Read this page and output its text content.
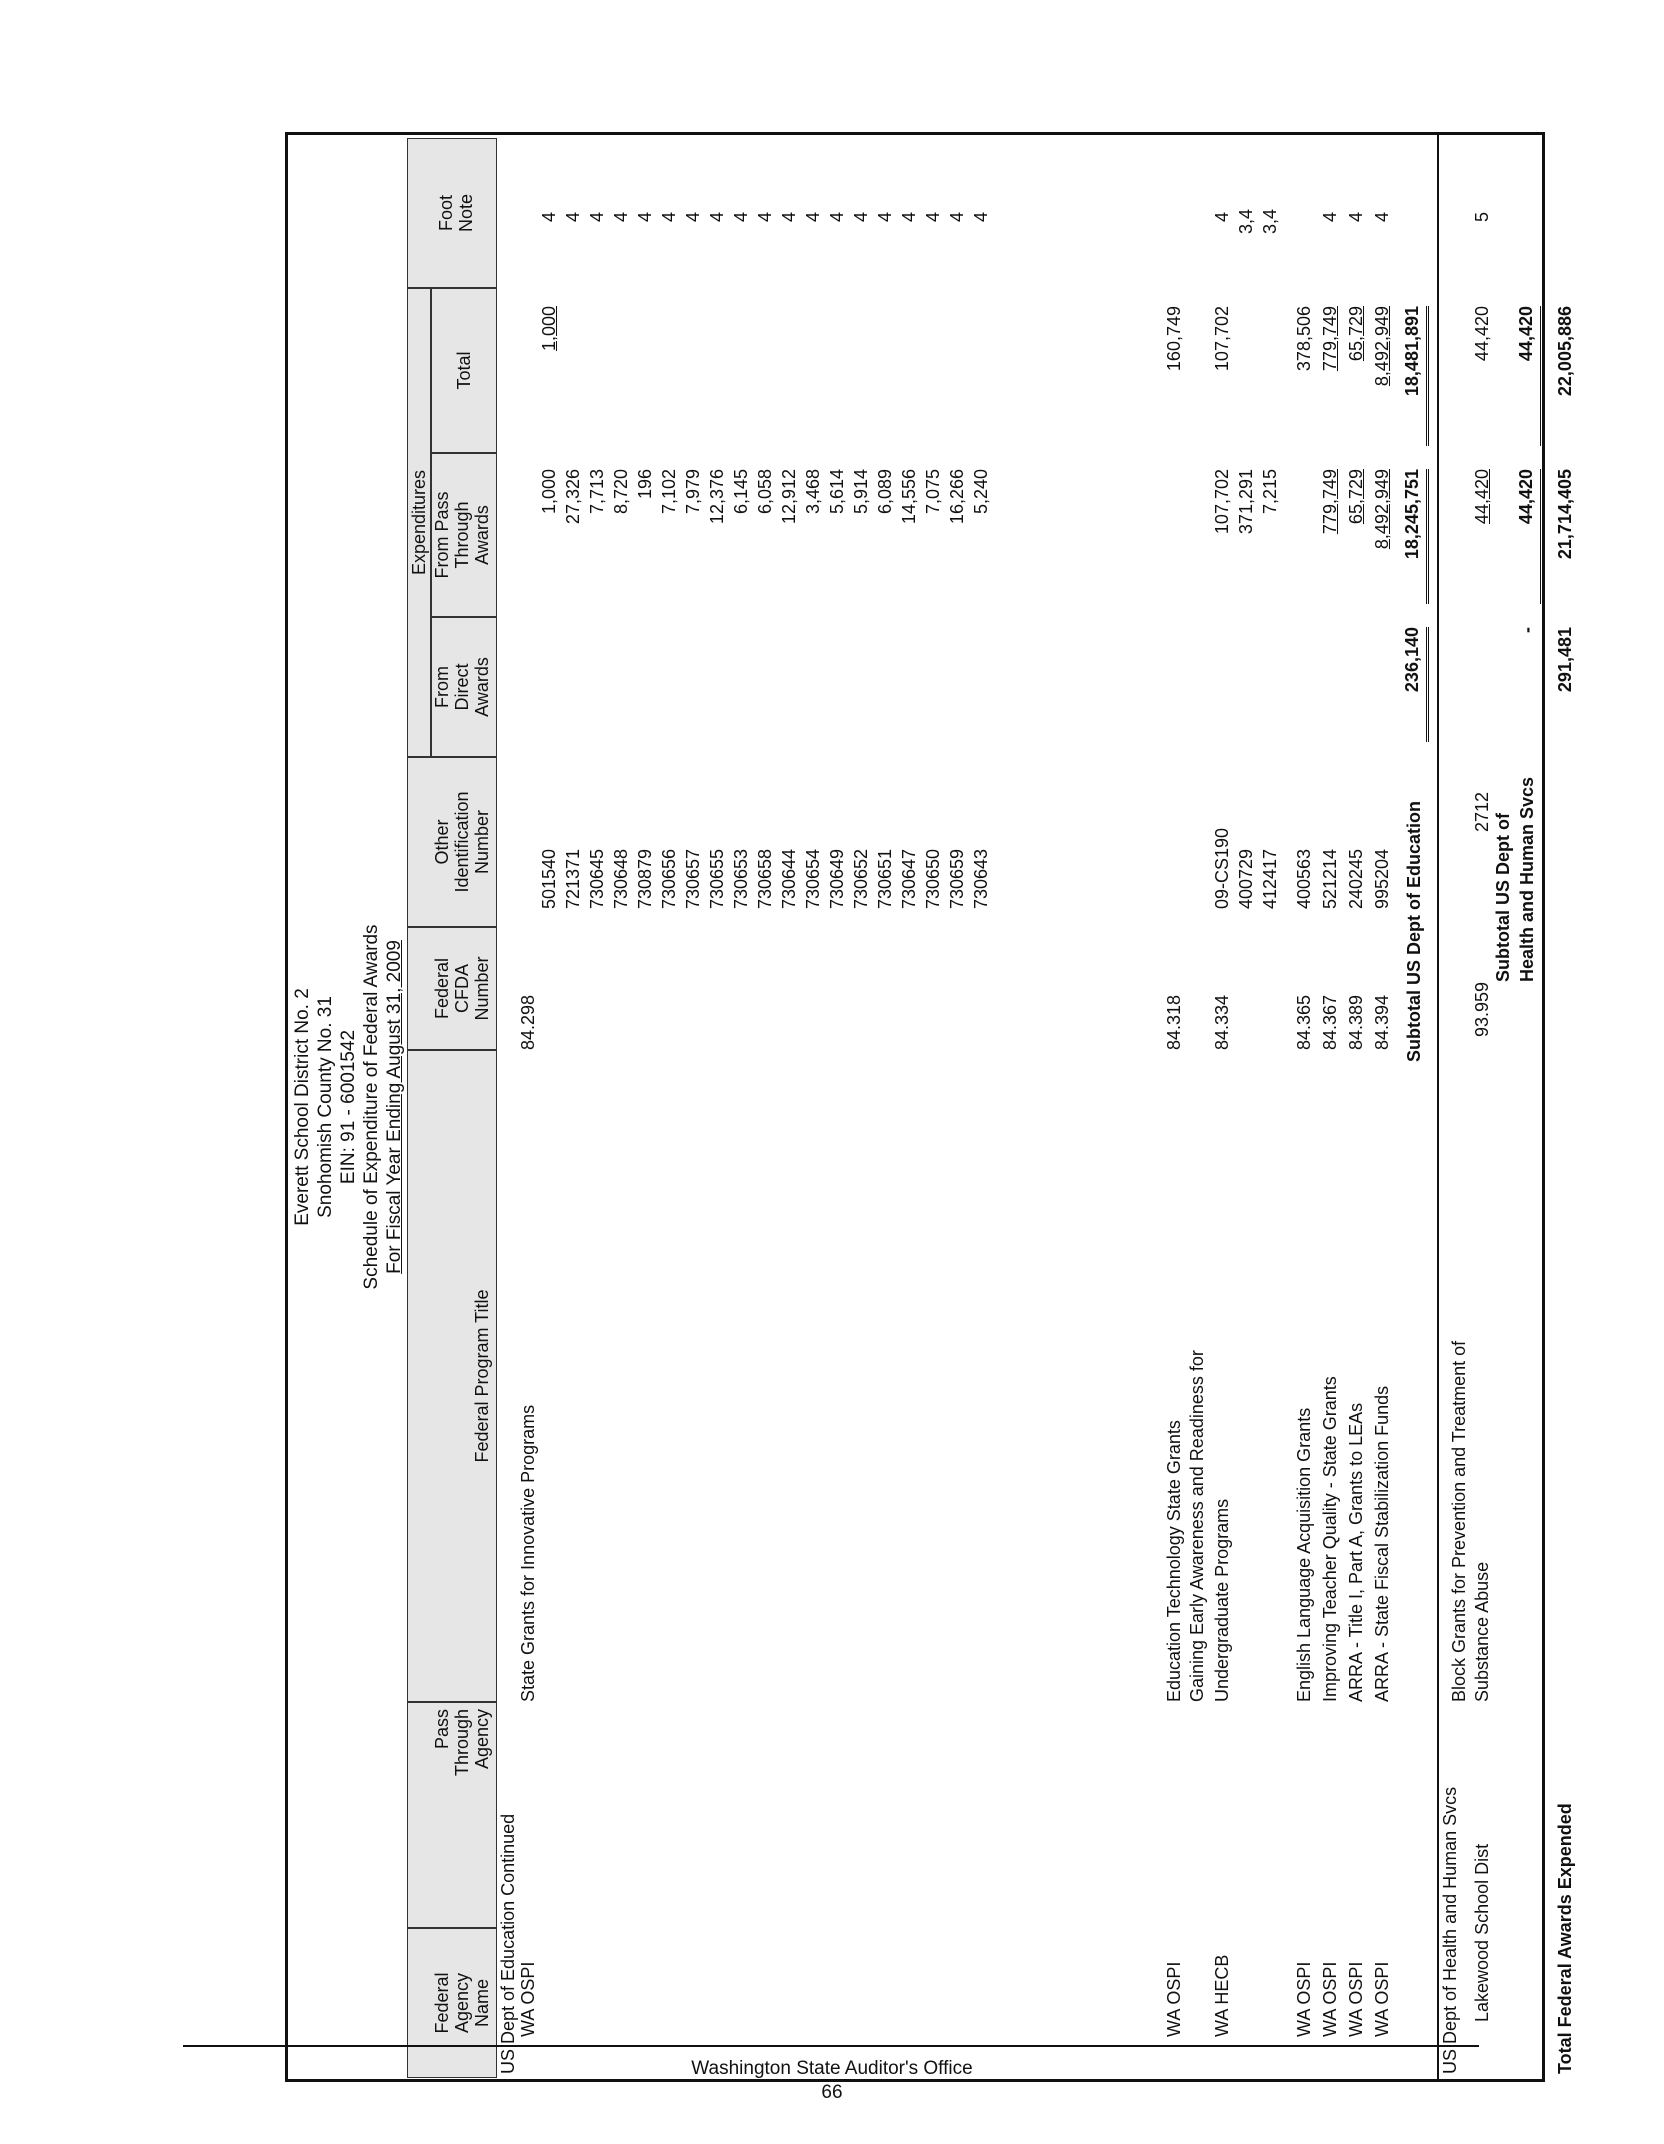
Everett School District No. 2 Snohomish County No. 31 EIN: 91 - 6001542 Schedule of Expenditure of Federal Awards For Fiscal Year Ending August 31, 2009
Federal Agency Name
Pass Through Agency
Federal Program Title
Federal CFDA Number
Other Identification Number
Expenditures
From Direct Awards
From Pass Through Awards
Total
Foot Note
US Dept of Education Continued WA OSPI
State Grants for Innovative Programs
84.298
501540
1,000
1,000
4
721371
27,326
4
730645
7,713
4
730648
8,720
4
730879
196
4
730656
7,102
4
730657
7,979
4
730655
12,376
4
730653
6,145
4
730658
6,058
4
730644
12,912
4
730654
3,468
4
730649
5,614
4
730652
5,914
4
730651
6,089
4
730647
14,556
4
730650
7,075
4
730659
16,266
4
730643
5,240
4
WA OSPI
Education Technology State Grants
84.318
160,749
Gaining Early Awareness and Readiness for
WA HECB
Undergraduate Programs
84.334
09-CS190
107,702
107,702
4
400729
371,291
3,4
412417
7,215
3,4
WA OSPI
English Language Acquisition Grants
84.365
400563
378,506
WA OSPI
Improving Teacher Quality - State Grants
84.367
521214
779,749
779,749
4
WA OSPI
ARRA - Title I, Part A, Grants to LEAs
84.389
240245
65,729
65,729
4
WA OSPI
ARRA - State Fiscal Stabilization Funds
84.394
995204
8,492,949
8,492,949
4
Subtotal US Dept of Education
236,140
18,245,751
18,481,891
US Dept of Health and Human Svcs
Block Grants for Prevention and Treatment of
Lakewood School Dist
Substance Abuse
93.959
2712
44,420
44,420
5
Subtotal US Dept of Health and Human Svcs
-
44,420
44,420
Total Federal Awards Expended
291,481
21,714,405
22,005,886
Washington State Auditor's Office
66
